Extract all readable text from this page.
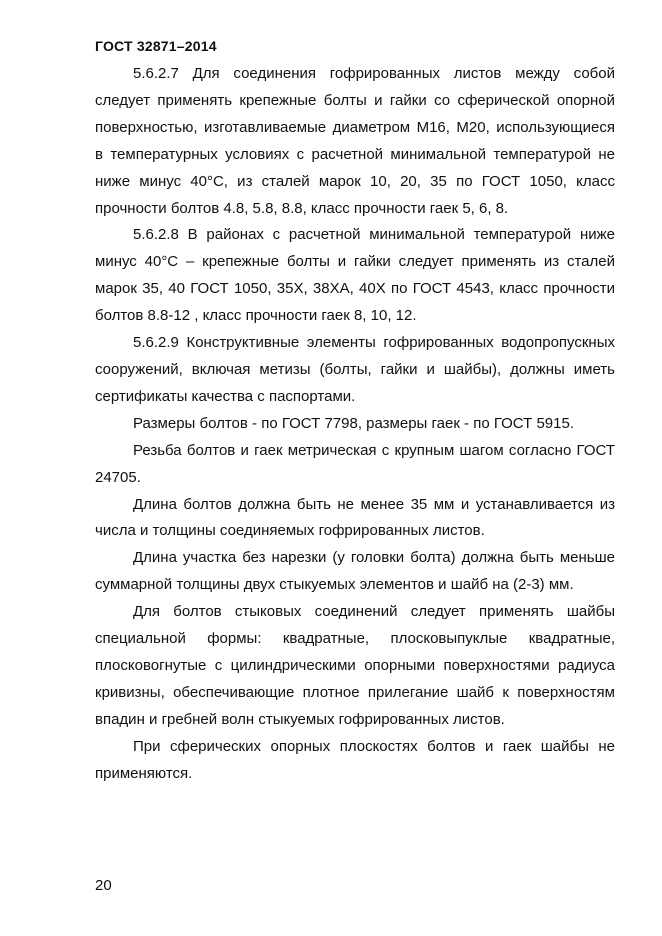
ГОСТ 32871–2014

5.6.2.7 Для соединения гофрированных листов между собой следует применять крепежные болты и гайки со сферической опорной поверхностью, изготавливаемые диаметром М16, М20, использующиеся в температурных условиях с расчетной минимальной температурой не ниже минус 40°С, из сталей марок 10, 20, 35 по ГОСТ 1050, класс прочности болтов 4.8, 5.8, 8.8, класс прочности гаек 5, 6, 8.

5.6.2.8 В районах с расчетной минимальной температурой ниже минус 40°С – крепежные болты и гайки следует применять из сталей марок 35, 40 ГОСТ 1050, 35Х, 38ХА, 40Х по ГОСТ 4543, класс прочности болтов 8.8-12 , класс прочности гаек 8, 10, 12.

5.6.2.9 Конструктивные элементы гофрированных водопропускных сооружений, включая метизы (болты, гайки и шайбы), должны иметь сертификаты качества с паспортами.

Размеры болтов - по ГОСТ 7798, размеры гаек - по ГОСТ 5915.

Резьба болтов и гаек метрическая с крупным шагом согласно ГОСТ 24705.

Длина болтов должна быть не менее 35 мм и устанавливается из числа и толщины соединяемых гофрированных листов.

Длина участка без нарезки (у головки болта) должна быть меньше суммарной толщины двух стыкуемых элементов и шайб на (2-3) мм.

Для болтов стыковых соединений следует применять шайбы специальной формы: квадратные, плосковыпуклые квадратные, плосковогнутые с цилиндрическими опорными поверхностями радиуса кривизны, обеспечивающие плотное прилегание шайб к поверхностям впадин и гребней волн стыкуемых гофрированных листов.

При сферических опорных плоскостях болтов и гаек шайбы не применяются.

20
